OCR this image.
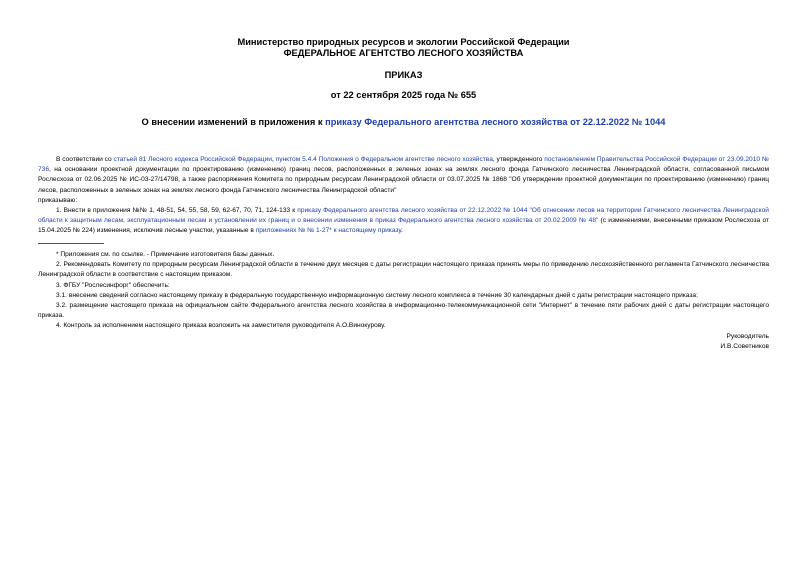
Министерство природных ресурсов и экологии Российской Федерации
ФЕДЕРАЛЬНОЕ АГЕНТСТВО ЛЕСНОГО ХОЗЯЙСТВА
ПРИКАЗ
от 22 сентября 2025 года № 655
О внесении изменений в приложения к приказу Федерального агентства лесного хозяйства от 22.12.2022 № 1044

В соответствии со статьей 81 Лесного кодекса Российской Федерации, пунктом 5.4.4 Положения о Федеральном агентстве лесного хозяйства, утвержденного постановлением Правительства Российской Федерации от 23.09.2010 № 736, на основании проектной документации по проектированию (изменению) границ лесов, расположенных в зеленых зонах на землях лесного фонда Гатчинского лесничества Ленинградской области, согласованной письмом Рослесхоза от 02.06.2025 № ИС-03-27/14798, а также распоряжения Комитета по природным ресурсам Ленинградской области от 03.07.2025 № 1868 "Об утверждении проектной документации по проектированию (изменению) границ лесов, расположенных в зеленых зонах на землях лесного фонда Гатчинского лесничества Ленинградской области"

приказываю:

1. Внести в приложения №№ 1, 48-51, 54, 55, 58, 59, 62-67, 70, 71, 124-133 к приказу Федерального агентства лесного хозяйства от 22.12.2022 № 1044 "Об отнесении лесов на территории Гатчинского лесничества Ленинградской области к защитным лесам, эксплуатационным лесам и установлении их границ и о внесении изменения в приказ Федерального агентства лесного хозяйства от 20.02.2009 № 48" (с изменениями, внесенными приказом Рослесхоза от 15.04.2025 № 224) изменения, исключив лесные участки, указанные в приложениях № № 1-27* к настоящему приказу.

* Приложения см. по ссылке. - Примечание изготовителя базы данных.

2. Рекомендовать Комитету по природным ресурсам Ленинградской области в течение двух месяцев с даты регистрации настоящего приказа принять меры по приведению лесохозяйственного регламента Гатчинского лесничества Ленинградской области в соответствие с настоящим приказом.

3. ФГБУ "Рослесинфорг" обеспечить:

3.1. внесение сведений согласно настоящему приказу в федеральную государственную информационную систему лесного комплекса в течение 30 календарных дней с даты регистрации настоящего приказа;

3.2. размещение настоящего приказа на официальном сайте Федерального агентства лесного хозяйства в информационно-телекоммуникационной сети "Интернет" в течение пяти рабочих дней с даты регистрации настоящего приказа.

4. Контроль за исполнением настоящего приказа возложить на заместителя руководителя А.О.Винокурову.

Руководитель
И.В.Советников
